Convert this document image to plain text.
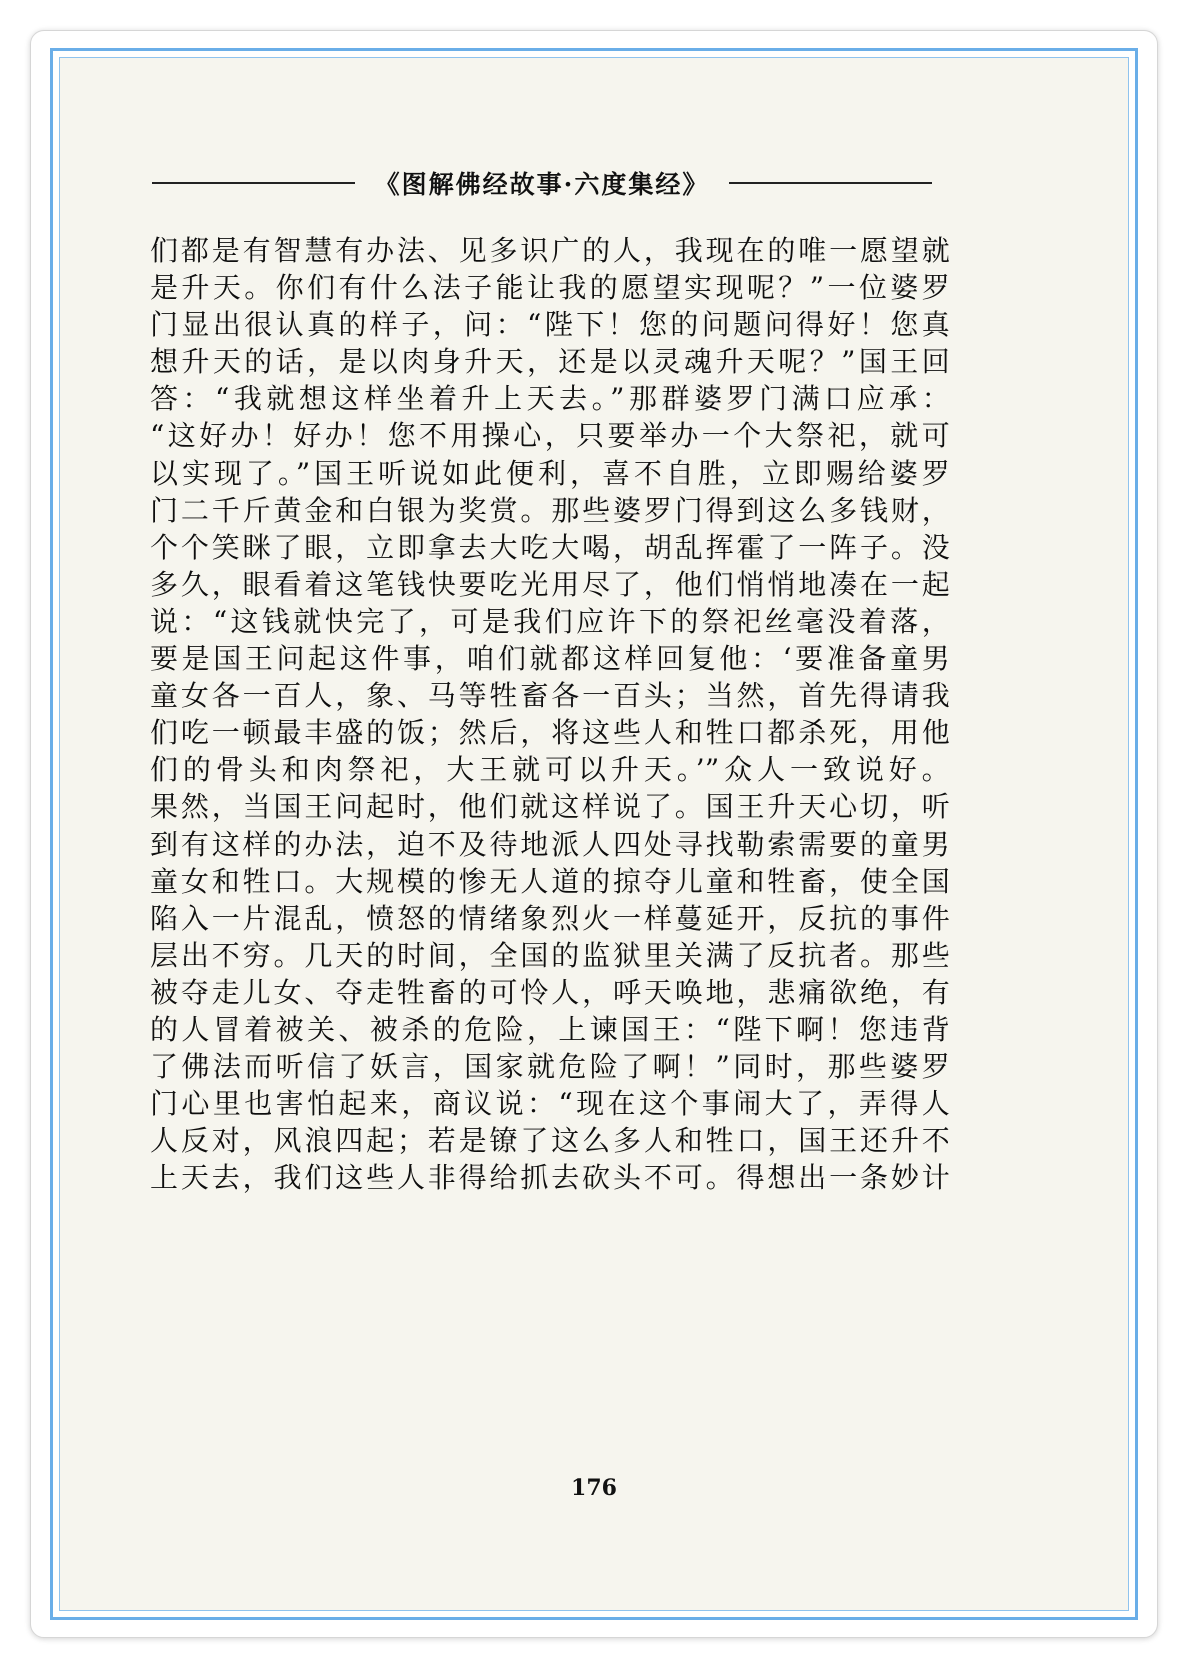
《图解佛经故事·六度集经》
们都是有智慧有办法、见多识广的人，我现在的唯一愿望就
是升天。你们有什么法子能让我的愿望实现呢？”一位婆罗
门显出很认真的样子，问：“陛下！您的问题问得好！您真
想升天的话，是以肉身升天，还是以灵魂升天呢？”国王回
答：“我就想这样坐着升上天去。”那群婆罗门满口应承：
“这好办！好办！您不用操心，只要举办一个大祭祀，就可
以实现了。”国王听说如此便利，喜不自胜，立即赐给婆罗
门二千斤黄金和白银为奖赏。那些婆罗门得到这么多钱财，
个个笑眯了眼，立即拿去大吃大喝，胡乱挥霍了一阵子。没
多久，眼看着这笔钱快要吃光用尽了，他们悄悄地凑在一起
说：“这钱就快完了，可是我们应许下的祭祀丝毫没着落，
要是国王问起这件事，咱们就都这样回复他：‘要准备童男
童女各一百人，象、马等牲畜各一百头；当然，首先得请我
们吃一顿最丰盛的饭；然后，将这些人和牲口都杀死，用他
们的骨头和肉祭祀，大王就可以升天。’”众人一致说好。
果然，当国王问起时，他们就这样说了。国王升天心切，听
到有这样的办法，迫不及待地派人四处寻找勒索需要的童男
童女和牲口。大规模的惨无人道的掠夺儿童和牲畜，使全国
陷入一片混乱，愤怒的情绪象烈火一样蔓延开，反抗的事件
层出不穷。几天的时间，全国的监狱里关满了反抗者。那些
被夺走儿女、夺走牲畜的可怜人，呼天唤地，悲痛欲绝，有
的人冒着被关、被杀的危险，上谏国王：“陛下啊！您违背
了佛法而听信了妖言，国家就危险了啊！”同时，那些婆罗
门心里也害怕起来，商议说：“现在这个事闹大了，弄得人
人反对，风浪四起；若是镣了这么多人和牲口，国王还升不
上天去，我们这些人非得给抓去砍头不可。得想出一条妙计
176
